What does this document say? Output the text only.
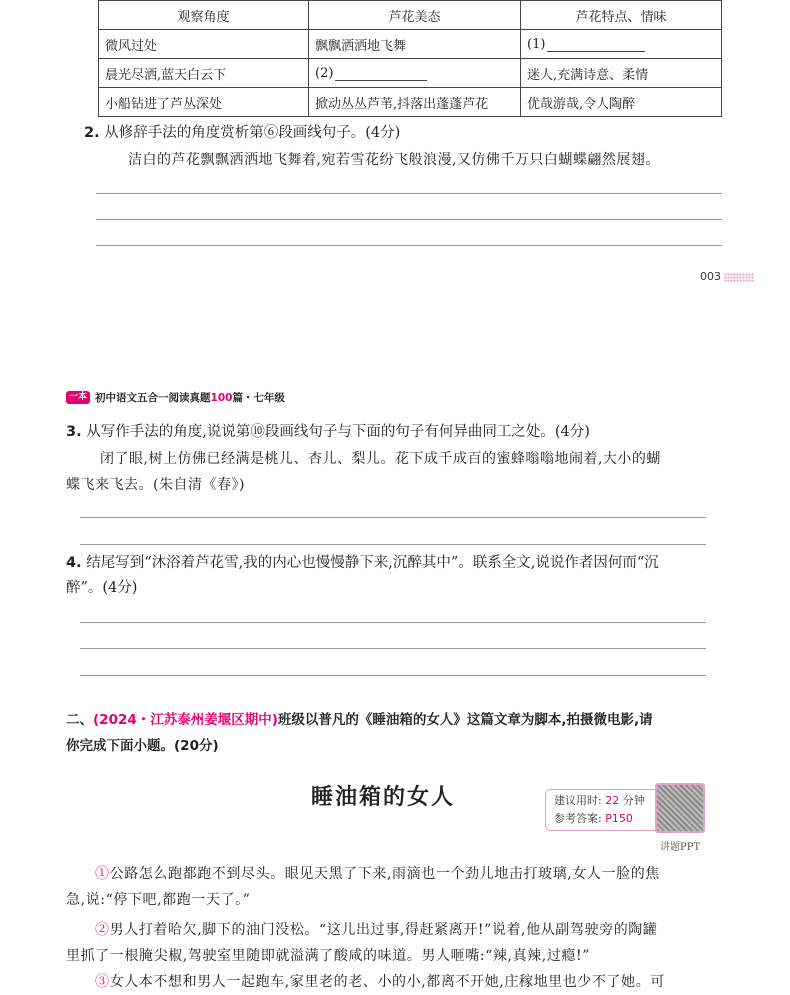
观察角度	芦花美态	芦花特点、情味
微风过处	飘飘洒洒地飞舞	(1)
晨光尽洒,蓝天白云下	(2)	迷人,充满诗意、柔情
小船钻进了芦丛深处	掀动丛丛芦苇,抖落出蓬蓬芦花	优哉游哉,令人陶醉
2. 从修辞手法的角度赏析第⑥段画线句子。(4分)
洁白的芦花飘飘洒洒地飞舞着,宛若雪花纷飞般浪漫,又仿佛千万只白蝴蝶翩然展翅。
003
一本 初中语文五合一阅读真题100篇・七年级
3. 从写作手法的角度,说说第⑩段画线句子与下面的句子有何异曲同工之处。(4分)
闭了眼,树上仿佛已经满是桃儿、杏儿、梨儿。花下成千成百的蜜蜂嗡嗡地闹着,大小的蝴
蝶飞来飞去。(朱自清《春》)
4. 结尾写到“沐浴着芦花雪,我的内心也慢慢静下来,沉醉其中”。联系全文,说说作者因何而“沉
醉”。(4分)
二、(2024・江苏泰州姜堰区期中)班级以普凡的《睡油箱的女人》这篇文章为脚本,拍摄微电影,请
你完成下面小题。(20分)
睡油箱的女人	建议用时: 22 分钟
参考答案: P150
讲题PPT
①公路怎么跑都跑不到尽头。眼见天黑了下来,雨滴也一个劲儿地击打玻璃,女人一脸的焦
急,说:“停下吧,都跑一天了。”
②男人打着哈欠,脚下的油门没松。“这儿出过事,得赶紧离开!”说着,他从副驾驶旁的陶罐
里抓了一根腌尖椒,驾驶室里随即就溢满了酸咸的味道。男人咂嘴:“辣,真辣,过瘾!”
③女人本不想和男人一起跑车,家里老的老、小的小,都离不开她,庄稼地里也少不了她。可
